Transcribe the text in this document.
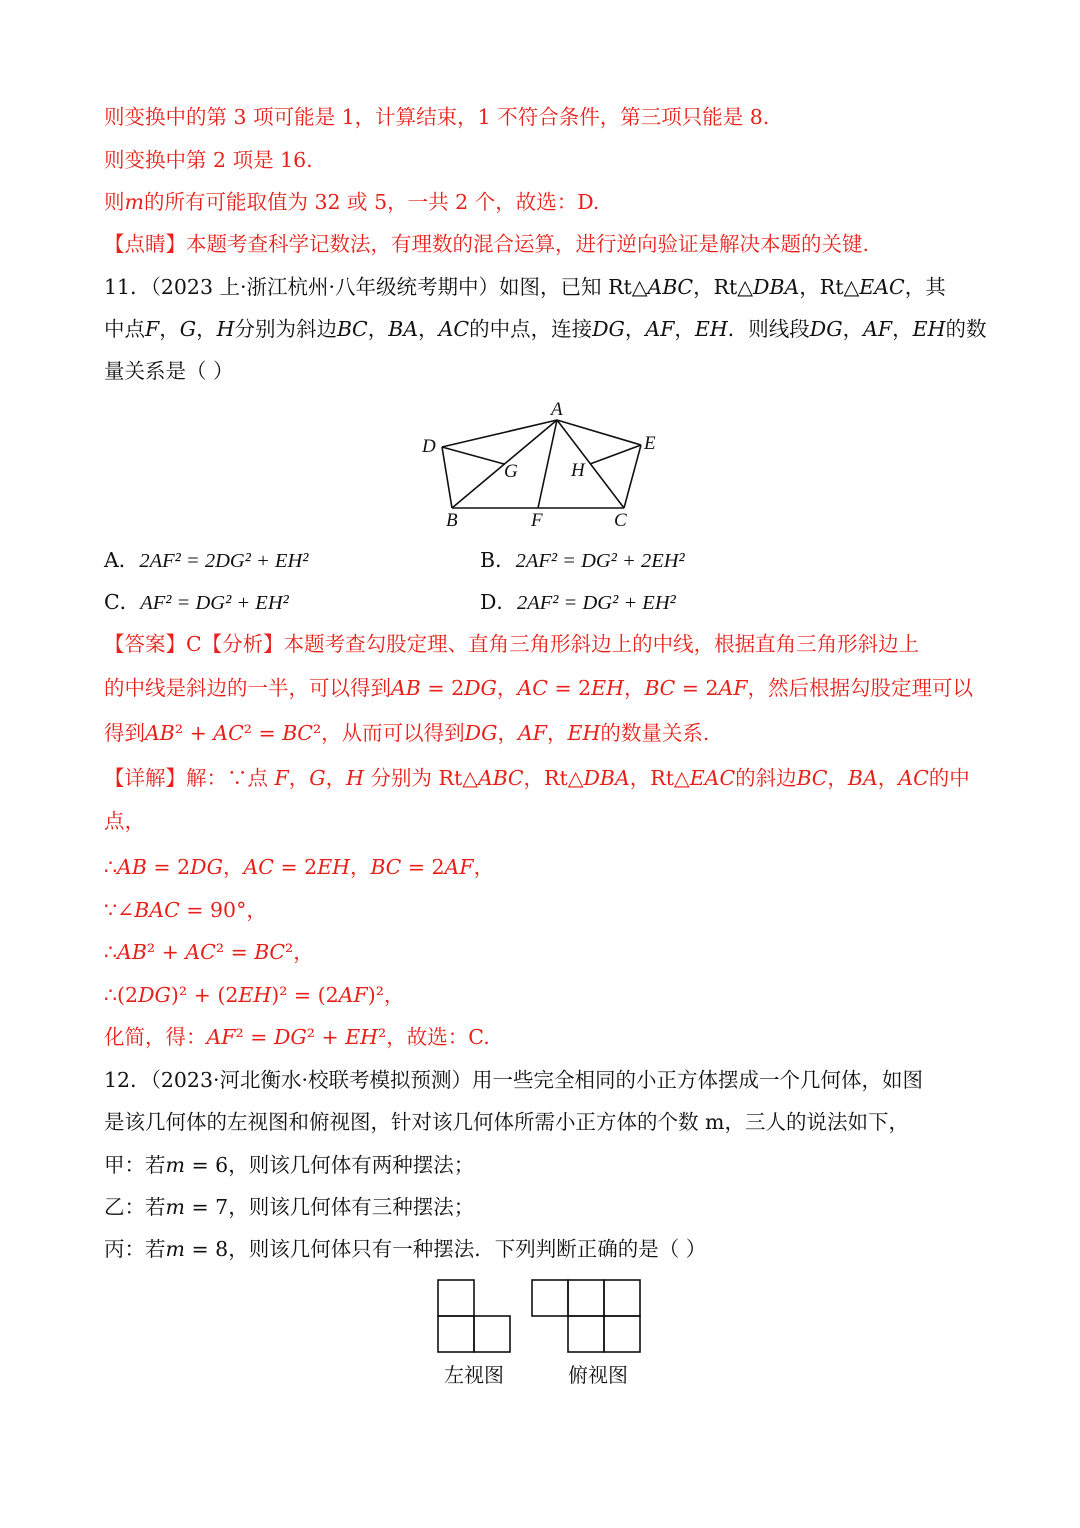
则变换中的第 3 项可能是 1，计算结束，1 不符合条件，第三项只能是 8.
则变换中第 2 项是 16.
则𝑚的所有可能取值为 32 或 5，一共 2 个，故选：D.
【点睛】本题考查科学记数法，有理数的混合运算，进行逆向验证是解决本题的关键.
11．（2023 上·浙江杭州·八年级统考期中）如图，已知 Rt△𝐴𝐵𝐶，Rt△𝐷𝐵𝐴，Rt△𝐸𝐴𝐶，其
中点𝐹，𝐺，𝐻分别为斜边𝐵𝐶，𝐵𝐴，𝐴𝐶的中点，连接𝐷𝐺，𝐴𝐹，𝐸𝐻．则线段𝐷𝐺，𝐴𝐹，𝐸𝐻的数
量关系是（ ）
A
D	E
G	H
B	F	C
A．2AF² = 2DG² + EH²	B．2AF² = DG² + 2EH²
C．AF² = DG² + EH²	D．2AF² = DG² + EH²
【答案】C【分析】本题考查勾股定理、直角三角形斜边上的中线，根据直角三角形斜边上
的中线是斜边的一半，可以得到𝐴𝐵 = 2𝐷𝐺，𝐴𝐶 = 2𝐸𝐻，𝐵𝐶 = 2𝐴𝐹，然后根据勾股定理可以
得到𝐴𝐵² + 𝐴𝐶² = 𝐵𝐶²，从而可以得到𝐷𝐺，𝐴𝐹，𝐸𝐻的数量关系.
【详解】解：∵点 𝐹，𝐺，𝐻 分别为 Rt△𝐴𝐵𝐶，Rt△𝐷𝐵𝐴，Rt△𝐸𝐴𝐶的斜边𝐵𝐶，𝐵𝐴，𝐴𝐶的中
点，
∴𝐴𝐵 = 2𝐷𝐺，𝐴𝐶 = 2𝐸𝐻，𝐵𝐶 = 2𝐴𝐹，
∵∠𝐵𝐴𝐶 = 90°，
∴𝐴𝐵² + 𝐴𝐶² = 𝐵𝐶²，
∴(2𝐷𝐺)² + (2𝐸𝐻)² = (2𝐴𝐹)²，
化简，得：𝐴𝐹² = 𝐷𝐺² + 𝐸𝐻²，故选：C.
12．（2023·河北衡水·校联考模拟预测）用一些完全相同的小正方体摆成一个几何体，如图
是该几何体的左视图和俯视图，针对该几何体所需小正方体的个数 m，三人的说法如下，
甲：若𝑚 = 6，则该几何体有两种摆法；
乙：若𝑚 = 7，则该几何体有三种摆法；
丙：若𝑚 = 8，则该几何体只有一种摆法．下列判断正确的是（ ）
左视图	俯视图
